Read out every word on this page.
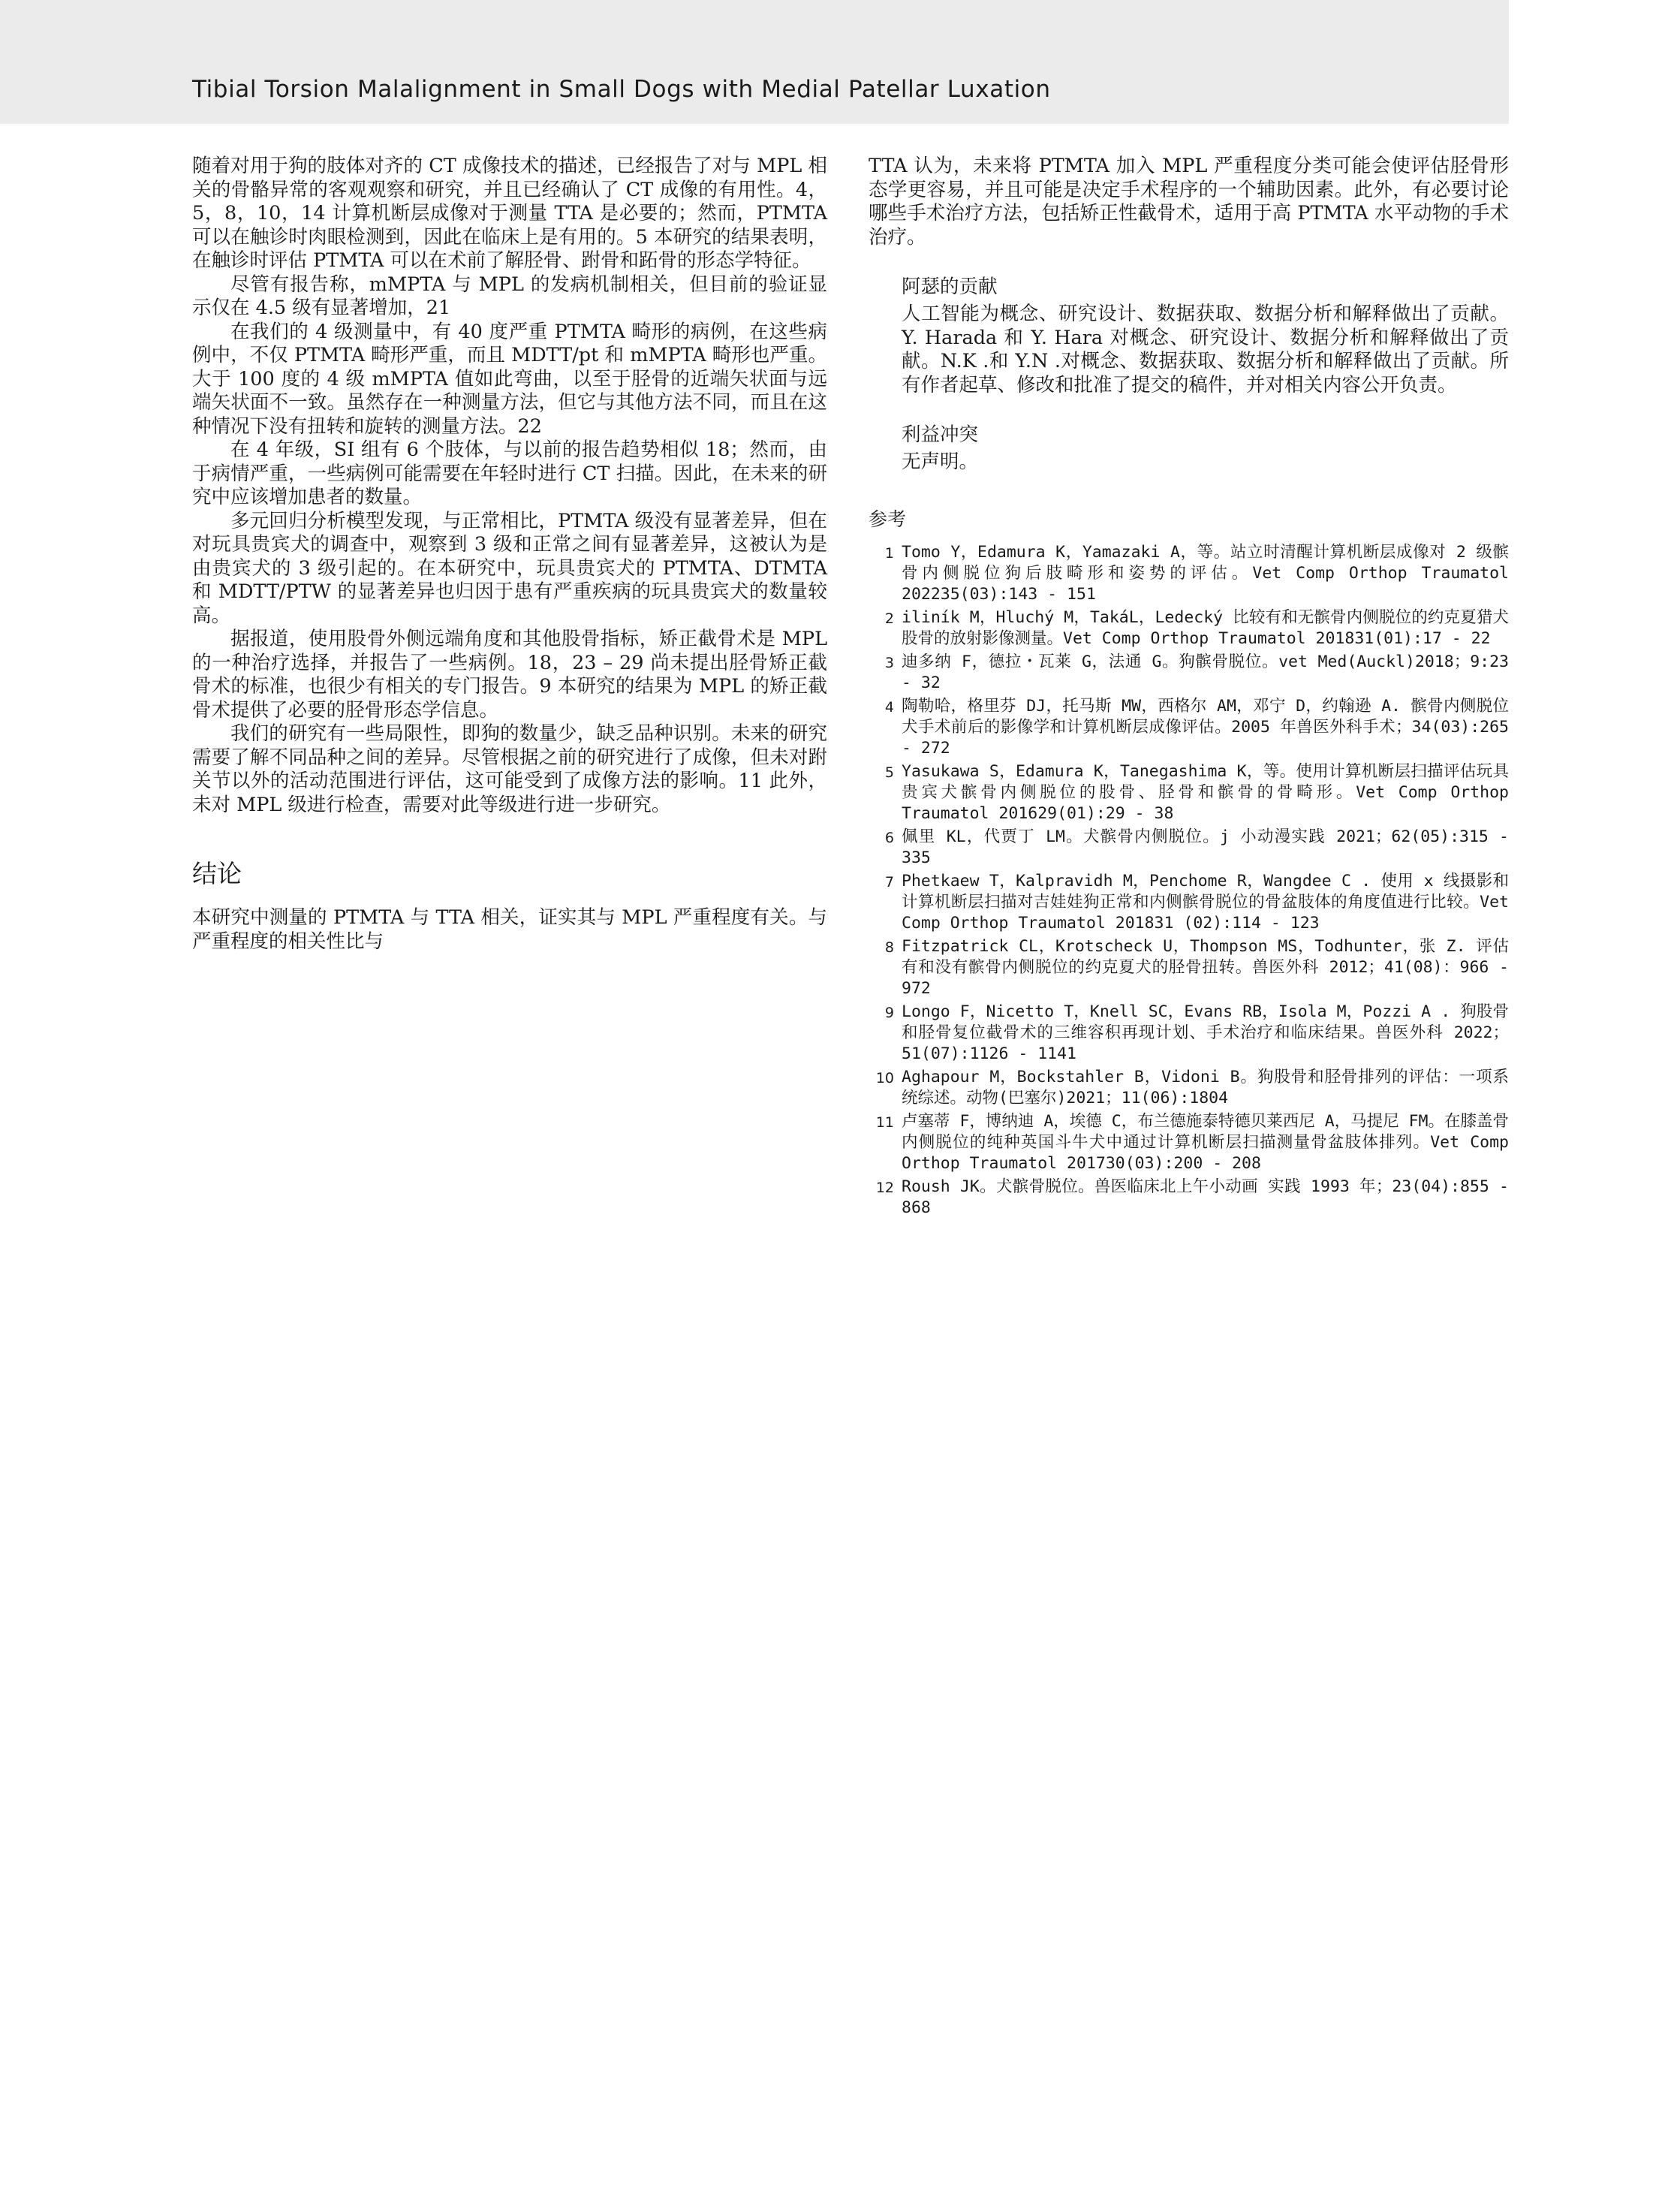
Tibial Torsion Malalignment in Small Dogs with Medial Patellar Luxation

随着对用于狗的肢体对齐的 CT 成像技术的描述，已经报告了对与 MPL 相关的骨骼异常的客观观察和研究，并且已经确认了 CT 成像的有用性。4，5，8，10，14 计算机断层成像对于测量 TTA 是必要的；然而，PTMTA 可以在触诊时肉眼检测到，因此在临床上是有用的。5 本研究的结果表明，在触诊时评估 PTMTA 可以在术前了解胫骨、跗骨和跖骨的形态学特征。

尽管有报告称，mMPTA 与 MPL 的发病机制相关，但目前的验证显示仅在 4.5 级有显著增加，21

在我们的 4 级测量中，有 40 度严重 PTMTA 畸形的病例，在这些病例中，不仅 PTMTA 畸形严重，而且 MDTT/pt 和 mMPTA 畸形也严重。大于 100 度的 4 级 mMPTA 值如此弯曲，以至于胫骨的近端矢状面与远端矢状面不一致。虽然存在一种测量方法，但它与其他方法不同，而且在这种情况下没有扭转和旋转的测量方法。22

在 4 年级，SI 组有 6 个肢体，与以前的报告趋势相似 18；然而，由于病情严重，一些病例可能需要在年轻时进行 CT 扫描。因此，在未来的研究中应该增加患者的数量。

多元回归分析模型发现，与正常相比，PTMTA 级没有显著差异，但在对玩具贵宾犬的调查中，观察到 3 级和正常之间有显著差异，这被认为是由贵宾犬的 3 级引起的。在本研究中，玩具贵宾犬的 PTMTA、DTMTA 和 MDTT/PTW 的显著差异也归因于患有严重疾病的玩具贵宾犬的数量较高。

据报道，使用股骨外侧远端角度和其他股骨指标，矫正截骨术是 MPL 的一种治疗选择，并报告了一些病例。18，23 – 29 尚未提出胫骨矫正截骨术的标准，也很少有相关的专门报告。9 本研究的结果为 MPL 的矫正截骨术提供了必要的胫骨形态学信息。

我们的研究有一些局限性，即狗的数量少，缺乏品种识别。未来的研究需要了解不同品种之间的差异。尽管根据之前的研究进行了成像，但未对跗关节以外的活动范围进行评估，这可能受到了成像方法的影响。11 此外，未对 MPL 级进行检查，需要对此等级进行进一步研究。

结论

本研究中测量的 PTMTA 与 TTA 相关，证实其与 MPL 严重程度有关。与严重程度的相关性比与

TTA 认为，未来将 PTMTA 加入 MPL 严重程度分类可能会使评估胫骨形态学更容易，并且可能是决定手术程序的一个辅助因素。此外，有必要讨论哪些手术治疗方法，包括矫正性截骨术，适用于高 PTMTA 水平动物的手术治疗。

阿瑟的贡献

人工智能为概念、研究设计、数据获取、数据分析和解释做出了贡献。Y. Harada 和 Y. Hara 对概念、研究设计、数据分析和解释做出了贡献。N.K .和 Y.N .对概念、数据获取、数据分析和解释做出了贡献。所有作者起草、修改和批准了提交的稿件，并对相关内容公开负责。

利益冲突

无声明。

参考
1 Tomo Y，Edamura K，Yamazaki A，等。站立时清醒计算机断层成像对 2 级髌骨内侧脱位狗后肢畸形和姿势的评估。Vet Comp Orthop Traumatol 202235(03):143 - 151
2 iliník M，Hluchý M，TakáL，Ledecký 比较有和无髌骨内侧脱位的约克夏猎犬股骨的放射影像测量。Vet Comp Orthop Traumatol 201831(01):17 - 22
3 迪多纳 F，德拉・瓦莱 G，法通 G。狗髌骨脱位。vet Med(Auckl)2018；9:23 - 32
4 陶勒哈，格里芬 DJ，托马斯 MW，西格尔 AM，邓宁 D，约翰逊 A. 髌骨内侧脱位犬手术前后的影像学和计算机断层成像评估。2005 年兽医外科手术；34(03):265 - 272
5 Yasukawa S，Edamura K，Tanegashima K，等。使用计算机断层扫描评估玩具贵宾犬髌骨内侧脱位的股骨、胫骨和髌骨的骨畸形。Vet Comp Orthop Traumatol 201629(01):29 - 38
6 佩里 KL，代贾丁 LM。犬髌骨内侧脱位。j 小动漫实践 2021；62(05):315 - 335
7 Phetkaew T，Kalpravidh M，Penchome R，Wangdee C . 使用 x 线摄影和计算机断层扫描对吉娃娃狗正常和内侧髌骨脱位的骨盆肢体的角度值进行比较。Vet Comp Orthop Traumatol 201831 (02):114 - 123
8 Fitzpatrick CL，Krotscheck U，Thompson MS，Todhunter，张 Z. 评估有和没有髌骨内侧脱位的约克夏犬的胫骨扭转。兽医外科 2012；41(08)：966 - 972
9 Longo F，Nicetto T，Knell SC，Evans RB，Isola M，Pozzi A . 狗股骨和胫骨复位截骨术的三维容积再现计划、手术治疗和临床结果。兽医外科 2022；51(07):1126 - 1141
10 Aghapour M，Bockstahler B，Vidoni B。狗股骨和胫骨排列的评估：一项系统综述。动物(巴塞尔)2021；11(06):1804
11 卢塞蒂 F，博纳迪 A，埃德 C，布兰德施泰特德贝莱西尼 A，马提尼 FM。在膝盖骨内侧脱位的纯种英国斗牛犬中通过计算机断层扫描测量骨盆肢体排列。Vet Comp Orthop Traumatol 201730(03):200 - 208
12 Roush JK。犬髌骨脱位。兽医临床北上午小动画 实践 1993 年；23(04):855 - 868
